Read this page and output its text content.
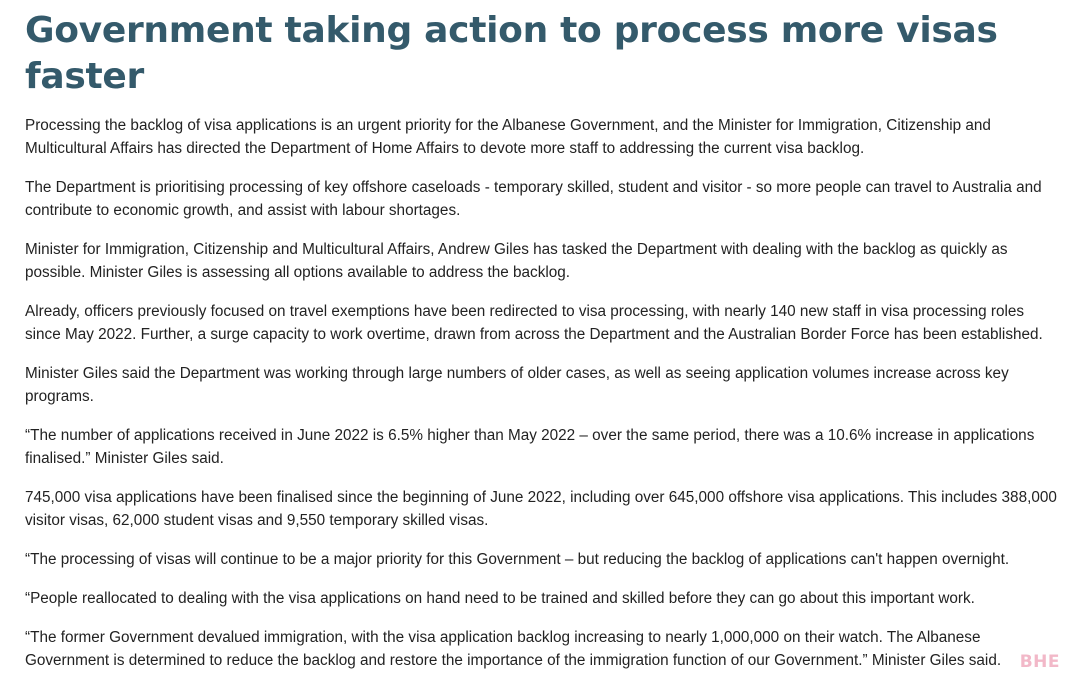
Government taking action to process more visas faster

Processing the backlog of visa applications is an urgent priority for the Albanese Government, and the Minister for Immigration, Citizenship and Multicultural Affairs has directed the Department of Home Affairs to devote more staff to addressing the current visa backlog.

The Department is prioritising processing of key offshore caseloads - temporary skilled, student and visitor - so more people can travel to Australia and contribute to economic growth, and assist with labour shortages.

Minister for Immigration, Citizenship and Multicultural Affairs, Andrew Giles has tasked the Department with dealing with the backlog as quickly as possible. Minister Giles is assessing all options available to address the backlog.

Already, officers previously focused on travel exemptions have been redirected to visa processing, with nearly 140 new staff in visa processing roles since May 2022. Further, a surge capacity to work overtime, drawn from across the Department and the Australian Border Force has been established.

Minister Giles said the Department was working through large numbers of older cases, as well as seeing application volumes increase across key programs.

“The number of applications received in June 2022 is 6.5% higher than May 2022 – over the same period, there was a 10.6% increase in applications finalised.” Minister Giles said.

745,000 visa applications have been finalised since the beginning of June 2022, including over 645,000 offshore visa applications. This includes 388,000 visitor visas, 62,000 student visas and 9,550 temporary skilled visas.

“The processing of visas will continue to be a major priority for this Government – but reducing the backlog of applications can't happen overnight.

“People reallocated to dealing with the visa applications on hand need to be trained and skilled before they can go about this important work.

“The former Government devalued immigration, with the visa application backlog increasing to nearly 1,000,000 on their watch. The Albanese Government is determined to reduce the backlog and restore the importance of the immigration function of our Government.” Minister Giles said.	BHE
